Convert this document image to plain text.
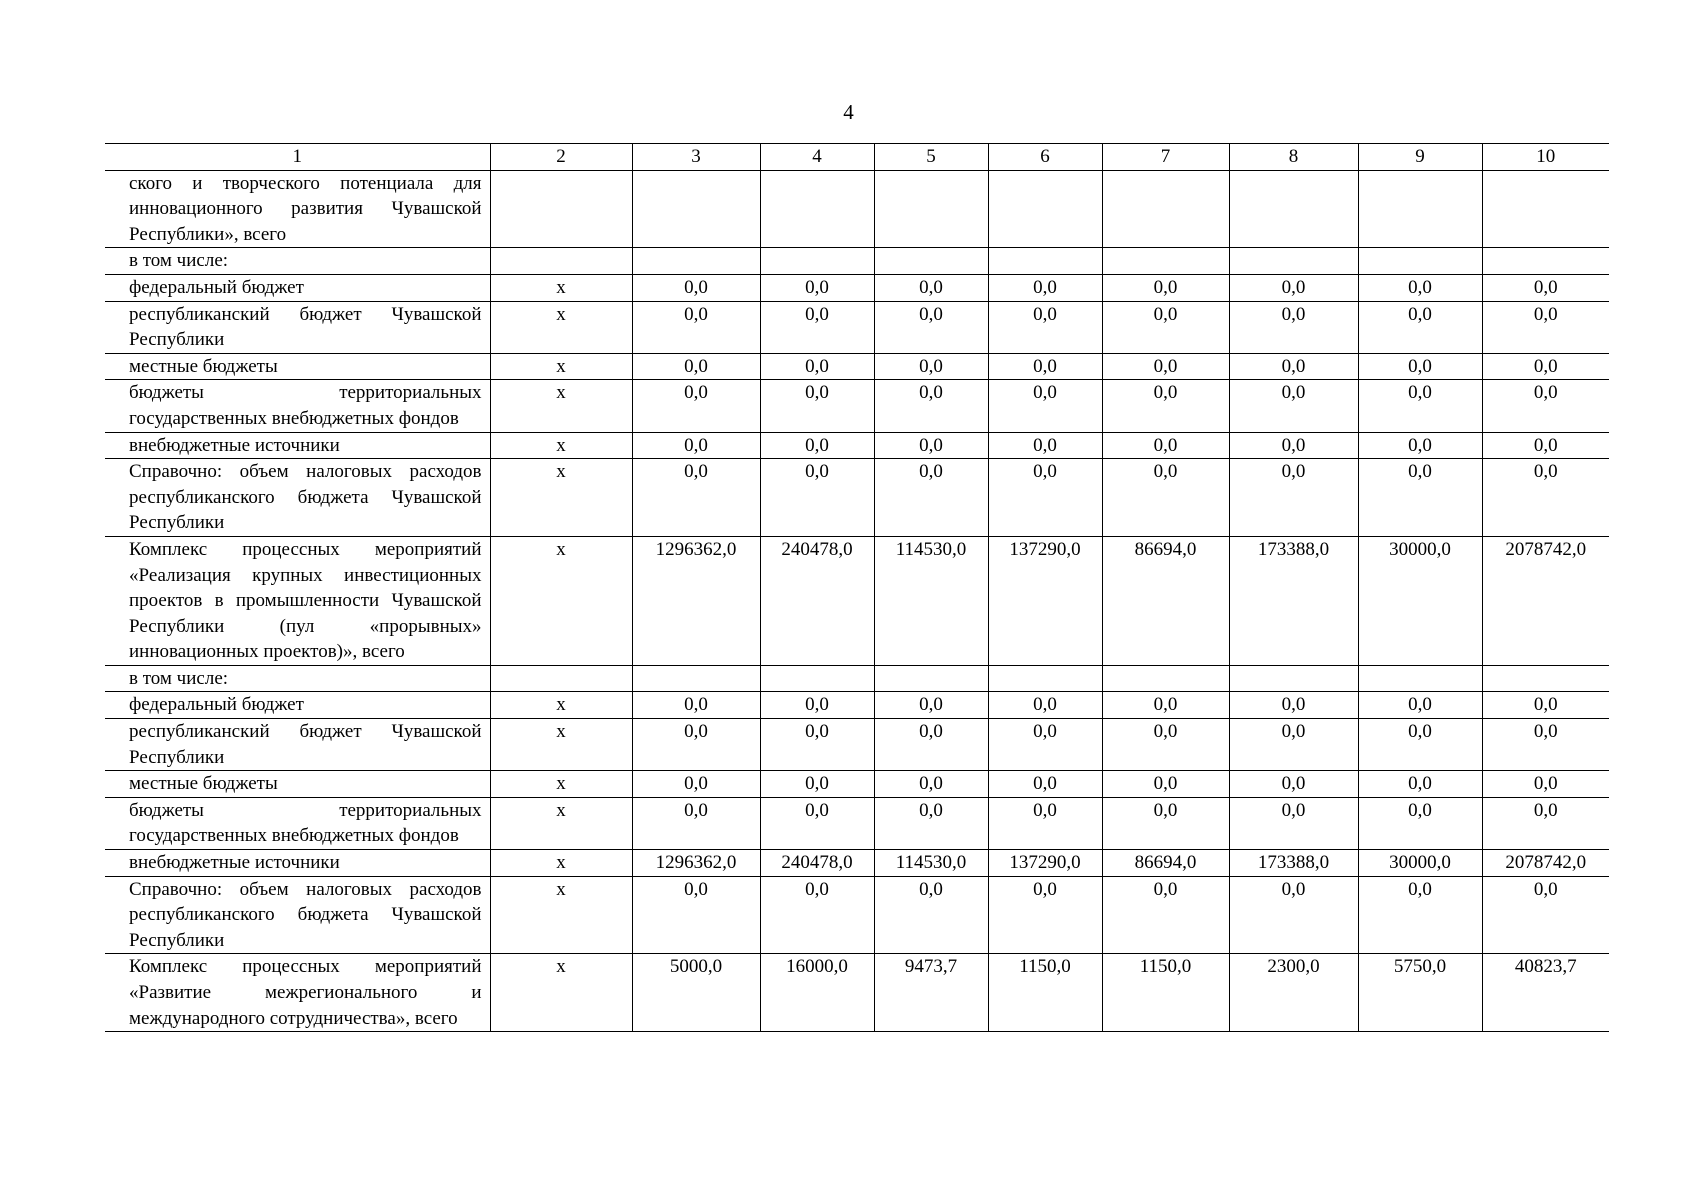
4
1	2	3	4	5	6	7	8	9	10
ского и творческого потенциала для инновационного развития Чувашской Республики», всего									
в том числе:									
федеральный бюджет	x	0,0	0,0	0,0	0,0	0,0	0,0	0,0	0,0
республиканский бюджет Чувашской Республики	x	0,0	0,0	0,0	0,0	0,0	0,0	0,0	0,0
местные бюджеты	x	0,0	0,0	0,0	0,0	0,0	0,0	0,0	0,0
бюджеты территориальных государственных внебюджетных фондов	x	0,0	0,0	0,0	0,0	0,0	0,0	0,0	0,0
внебюджетные источники	x	0,0	0,0	0,0	0,0	0,0	0,0	0,0	0,0
Справочно: объем налоговых расходов республиканского бюджета Чувашской Республики	x	0,0	0,0	0,0	0,0	0,0	0,0	0,0	0,0
Комплекс процессных мероприятий «Реализация крупных инвестиционных проектов в промышленности Чувашской Республики (пул «прорывных» инновационных проектов)», всего	x	1296362,0	240478,0	114530,0	137290,0	86694,0	173388,0	30000,0	2078742,0
в том числе:									
федеральный бюджет	x	0,0	0,0	0,0	0,0	0,0	0,0	0,0	0,0
республиканский бюджет Чувашской Республики	x	0,0	0,0	0,0	0,0	0,0	0,0	0,0	0,0
местные бюджеты	x	0,0	0,0	0,0	0,0	0,0	0,0	0,0	0,0
бюджеты территориальных государственных внебюджетных фондов	x	0,0	0,0	0,0	0,0	0,0	0,0	0,0	0,0
внебюджетные источники	x	1296362,0	240478,0	114530,0	137290,0	86694,0	173388,0	30000,0	2078742,0
Справочно: объем налоговых расходов республиканского бюджета Чувашской Республики	x	0,0	0,0	0,0	0,0	0,0	0,0	0,0	0,0
Комплекс процессных мероприятий «Развитие межрегионального и международного сотрудничества», всего	x	5000,0	16000,0	9473,7	1150,0	1150,0	2300,0	5750,0	40823,7
